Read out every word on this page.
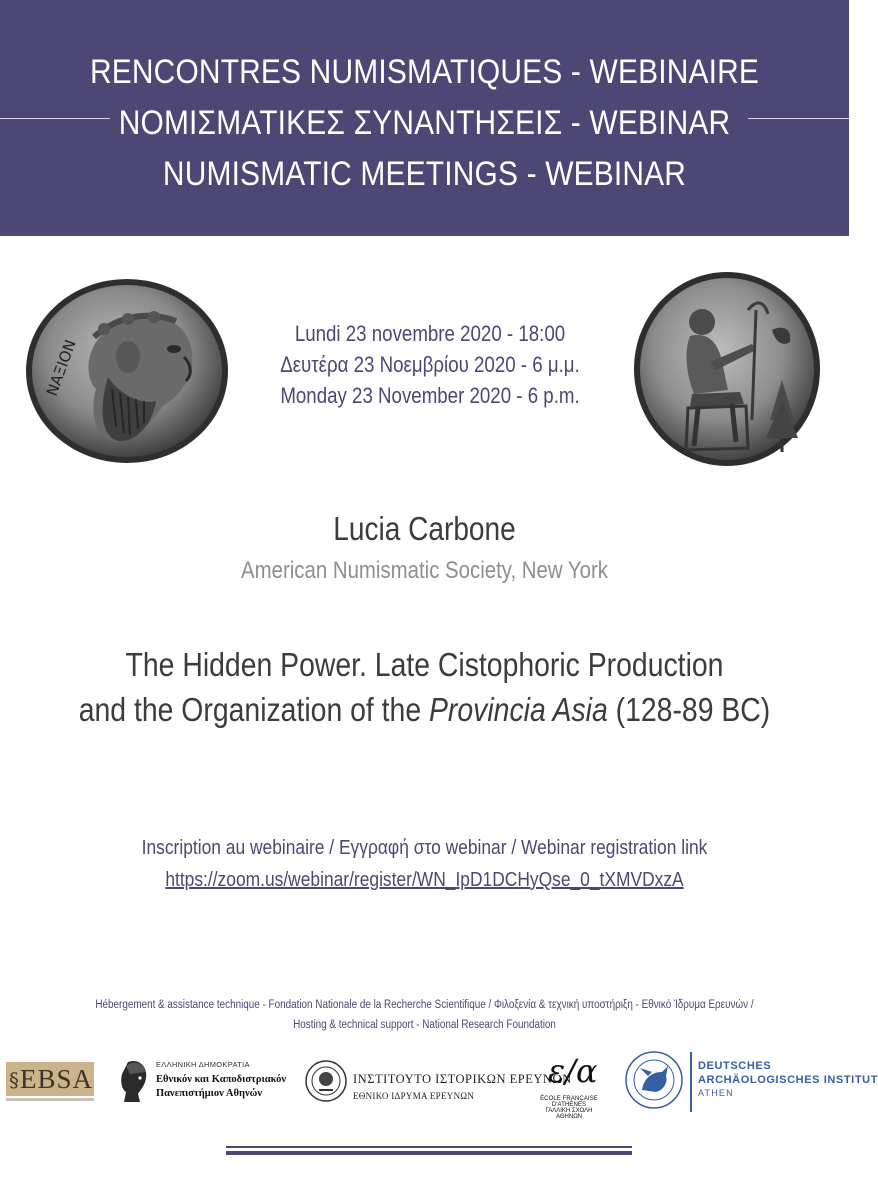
RENCONTRES NUMISMATIQUES - WEBINAIRE
ΝΟΜΙΣΜΑΤΙΚΕΣ ΣΥΝΑΝΤΗΣΕΙΣ - WEBINAR
NUMISMATIC MEETINGS - WEBINAR
ΝΑΞΙΟΝ
Lundi 23 novembre 2020 - 18:00
Δευτέρα 23 Νοεμβρίου 2020 - 6 μ.μ.
Monday 23 November 2020 - 6 p.m.
Lucia Carbone
American Numismatic Society, New York
The Hidden Power. Late Cistophoric Production
and the Organization of the Provincia Asia (128-89 BC)
Inscription au webinaire / Εγγραφή στο webinar / Webinar registration link
https://zoom.us/webinar/register/WN_IpD1DCHyQse_0_tXMVDxzA
Hébergement & assistance technique - Fondation Nationale de la Recherche Scientifique / Φιλοξενία & τεχνική υποστήριξη - Εθνικό Ίδρυμα Ερευνών /
Hosting & technical support - National Research Foundation
§ EBSA	ΕΛΛΗΝΙΚΗ ΔΗΜΟΚΡΑΤΙΑ
Εθνικόν και Καποδιστριακόν
Πανεπιστήμιον Αθηνών
ΙΝΣΤΙΤΟΥΤΟ ΙΣΤΟΡΙΚΩΝ ΕΡΕΥΝΩΝ
ΕΘΝΙΚΟ ΙΔΡΥΜΑ ΕΡΕΥΝΩΝ
ε/α
ÉCOLE FRANÇAISE D'ATHÈNES
ΓΑΛΛΙΚΗ ΣΧΟΛΗ ΑΘΗΝΩΝ
DEUTSCHES
ARCHÄOLOGISCHES INSTITUT
ATHEN
